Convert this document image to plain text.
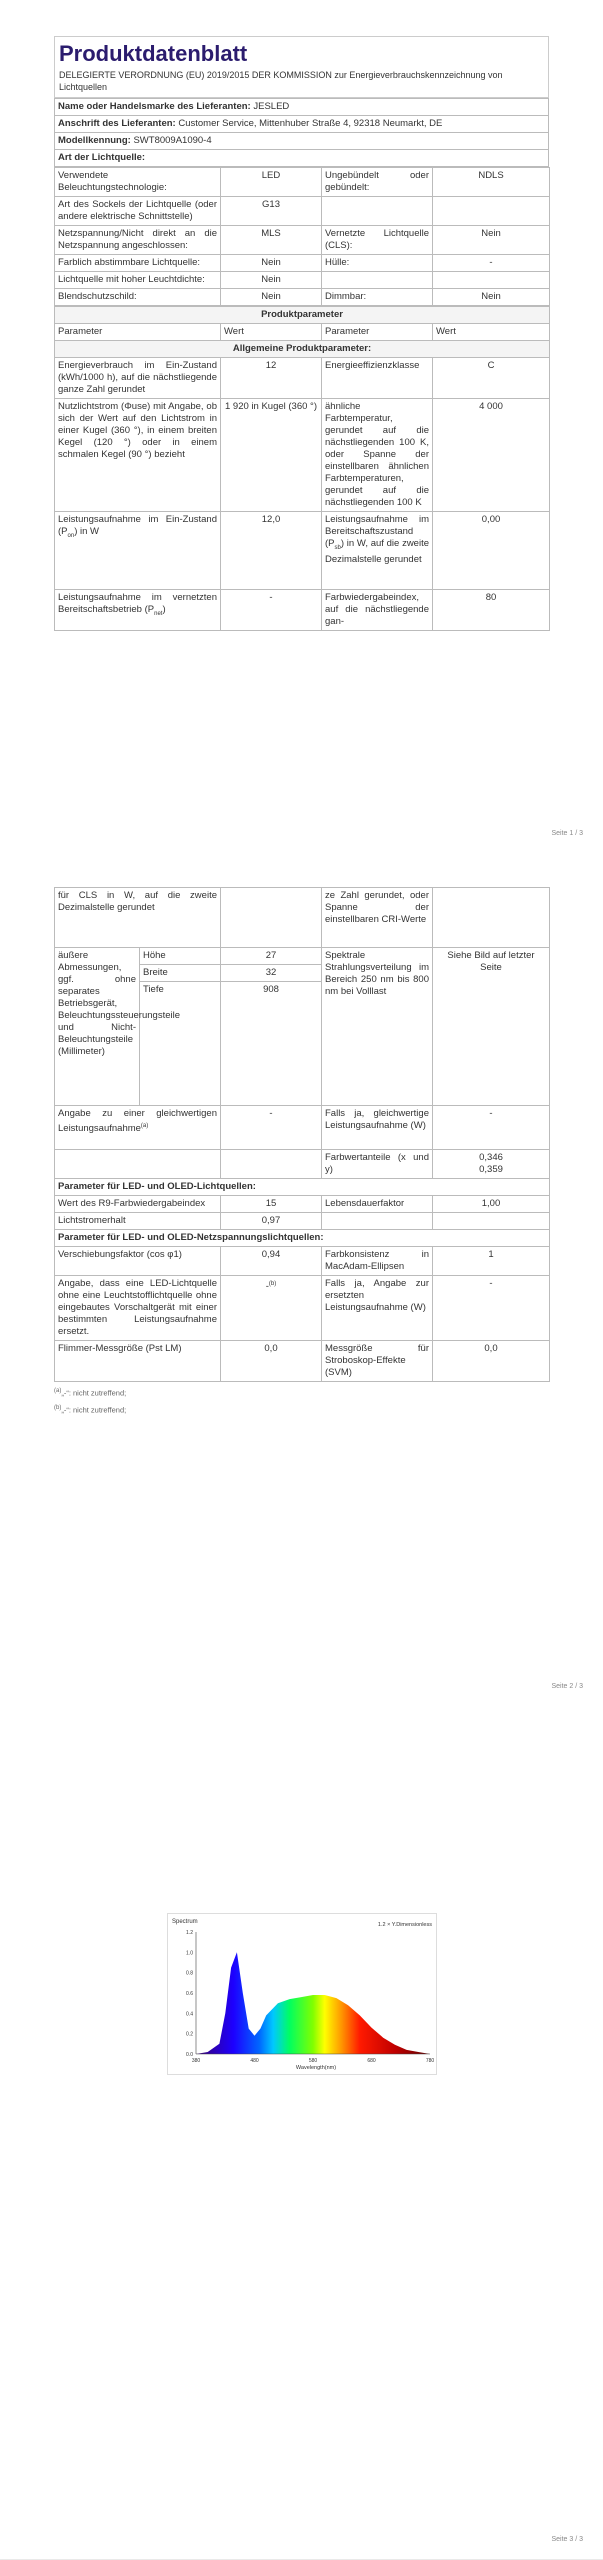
Produktdatenblatt
DELEGIERTE VERORDNUNG (EU) 2019/2015 DER KOMMISSION zur Energieverbrauchskennzeichnung von Lichtquellen
Name oder Handelsmarke des Lieferanten: JESLED
Anschrift des Lieferanten: Customer Service, Mittenhuber Straße 4, 92318 Neumarkt, DE
Modellkennung: SWT8009A1090-4
Art der Lichtquelle:
Verwendete Beleuchtungstechnologie:	LED	Ungebündelt oder gebündelt:	NDLS
Art des Sockels der Lichtquelle (oder andere elektrische Schnittstelle)	G13		
Netzspannung/Nicht direkt an die Netzspannung angeschlossen:	MLS	Vernetzte Lichtquelle (CLS):	Nein
Farblich abstimmbare Lichtquelle:	Nein	Hülle:	-
Lichtquelle mit hoher Leuchtdichte:	Nein		
Blendschutzschild:	Nein	Dimmbar:	Nein
Produktparameter			
Parameter	Wert	Parameter	Wert
Allgemeine Produktparameter:			
Energieverbrauch im Ein-Zustand (kWh/1000 h), auf die nächstliegende ganze Zahl gerundet	12	Energieeffizienzklasse	C
Nutzlichtstrom (Φuse) mit Angabe, ob sich der Wert auf den Lichtstrom in einer Kugel (360 °), in einem breiten Kegel (120 °) oder in einem schmalen Kegel (90 °) bezieht	1 920 in Kugel (360 °)	ähnliche Farbtemperatur, gerundet auf die nächstliegenden 100 K, oder Spanne der einstellbaren ähnlichen Farbtemperaturen, gerundet auf die nächstliegenden 100 K	4 000
Leistungsaufnahme im Ein-Zustand $(P_{on})$ in W	12,0	Leistungsaufnahme im Bereitschaftszustand $(P_{sb})$ in W, auf die zweite Dezimalstelle gerundet	0,00
Leistungsaufnahme im vernetzten Bereitschaftsbetrieb $(P_{net})$	-	Farbwiedergabeindex, auf die nächstliegende gan-	80
Seite 1 / 3
für CLS in W, auf die zweite Dezimalstelle gerundet			ze Zahl gerundet, oder Spanne der einstellbaren CRI-Werte	
äußere Abmessungen, ggf. ohne separates Betriebsgerät, Beleuchtungssteuerungsteile und Nicht-Beleuchtungsteile (Millimeter)	Höhe	27	Spektrale Strahlungsverteilung im Bereich 250 nm bis 800 nm bei Volllast	Siehe Bild auf letzter Seite
	Breite	32		
	Tiefe	908		
Angabe zu einer gleichwertigen Leistungsaufnahme$^{(a)}$		-	Falls ja, gleichwertige Leistungsaufnahme (W)	-
			Farbwertanteile (x und y)	0,346
0,359
Parameter für LED- und OLED-Lichtquellen:				
Wert des R9-Farbwiedergabeindex		15	Lebensdauerfaktor	1,00
Lichtstromerhalt		0,97		
Parameter für LED- und OLED-Netzspannungslichtquellen:				
Verschiebungsfaktor (cos φ1)		0,94	Farbkonsistenz in MacAdam-Ellipsen	1
Angabe, dass eine LED-Lichtquelle ohne eine Leuchtstofflichtquelle ohne eingebautes Vorschaltgerät mit einer bestimmten Leistungsaufnahme ersetzt.		-$^{(b)}$	Falls ja, Angabe zur ersetzten Leistungsaufnahme (W)	-
Flimmer-Messgröße (Pst LM)		0,0	Messgröße für Stroboskop-Effekte (SVM)	0,0
$^{(a)}$„-“: nicht zutreffend;
$^{(b)}$„-“: nicht zutreffend;
Seite 2 / 3
Seite 3 / 3
Spectrum	1.2 × Y.Dimensionless
1.2
1.0
0.8
0.6
0.4
0.2
0.0
380	480	580	680	780
Wavelength(nm)
